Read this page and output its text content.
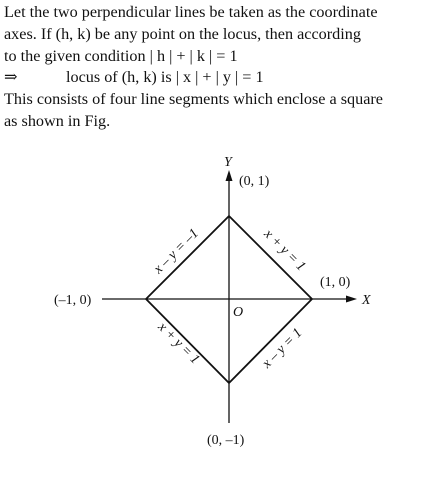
Let the two perpendicular lines be taken as the coordinate
axes. If (h, k) be any point on the locus, then according
to the given condition | h | + | k | = 1
⇒	locus of (h, k) is | x | + | y | = 1
This consists of four line segments which enclose a square
as shown in Fig.
Y
X
O
(0, 1)
(1, 0)
(–1, 0)
(0, –1)
x – y = –1	x + y = 1
x + y = 1	x – y = 1
